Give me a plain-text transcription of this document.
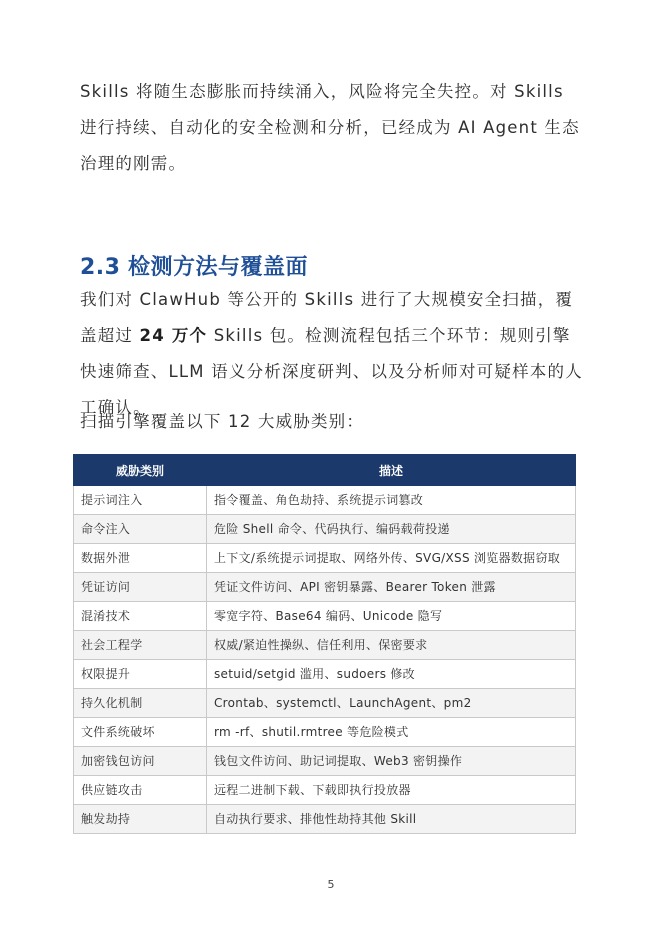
Skills 将随生态膨胀而持续涌入，风险将完全失控。对 Skills 进行持续、自动化的安全检测和分析，已经成为 AI Agent 生态治理的刚需。

2.3 检测方法与覆盖面

我们对 ClawHub 等公开的 Skills 进行了大规模安全扫描，覆盖超过 24 万个 Skills 包。检测流程包括三个环节：规则引擎快速筛查、LLM 语义分析深度研判、以及分析师对可疑样本的人工确认。

扫描引擎覆盖以下 12 大威胁类别：

威胁类别	描述
提示词注入	指令覆盖、角色劫持、系统提示词篡改
命令注入	危险 Shell 命令、代码执行、编码载荷投递
数据外泄	上下文/系统提示词提取、网络外传、SVG/XSS 浏览器数据窃取
凭证访问	凭证文件访问、API 密钥暴露、Bearer Token 泄露
混淆技术	零宽字符、Base64 编码、Unicode 隐写
社会工程学	权威/紧迫性操纵、信任利用、保密要求
权限提升	setuid/setgid 滥用、sudoers 修改
持久化机制	Crontab、systemctl、LaunchAgent、pm2
文件系统破坏	rm -rf、shutil.rmtree 等危险模式
加密钱包访问	钱包文件访问、助记词提取、Web3 密钥操作
供应链攻击	远程二进制下载、下载即执行投放器
触发劫持	自动执行要求、排他性劫持其他 Skill
5
